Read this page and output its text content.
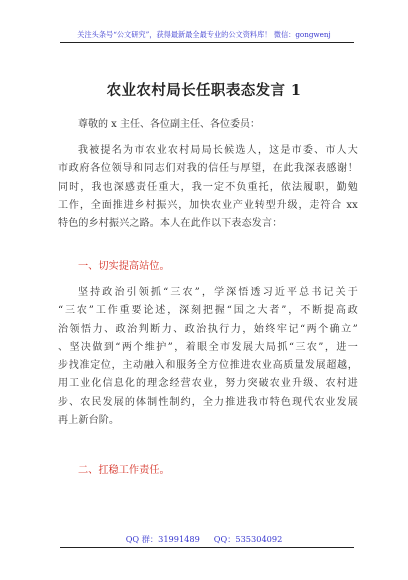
关注头条号“公文研究”，获得最新最全最专业的公文资料库！ 微信：gongwenj
农业农村局长任职表态发言 1
尊敬的 x 主任、各位副主任、各位委员：
我被提名为市农业农村局局长候选人，这是市委、市人大
市政府各位领导和同志们对我的信任与厚望，在此我深表感谢！
同时，我也深感责任重大，我一定不负重托，依法履职，勤勉
工作，全面推进乡村振兴，加快农业产业转型升级，走符合 xx
特色的乡村振兴之路。本人在此作以下表态发言：
一、切实提高站位。
坚持政治引领抓“三农”，学深悟透习近平总书记关于
“三农”工作重要论述，深刻把握“国之大者”，不断提高政
治领悟力、政治判断力、政治执行力，始终牢记“两个确立”
、坚决做到“两个维护”，着眼全市发展大局抓“三农”，进一
步找准定位，主动融入和服务全方位推进农业高质量发展超越，
用工业化信息化的理念经营农业，努力突破农业升级、农村进
步、农民发展的体制性制约，全力推进我市特色现代农业发展
再上新台阶。
二、扛稳工作责任。
QQ 群：31991489 QQ：535304092
